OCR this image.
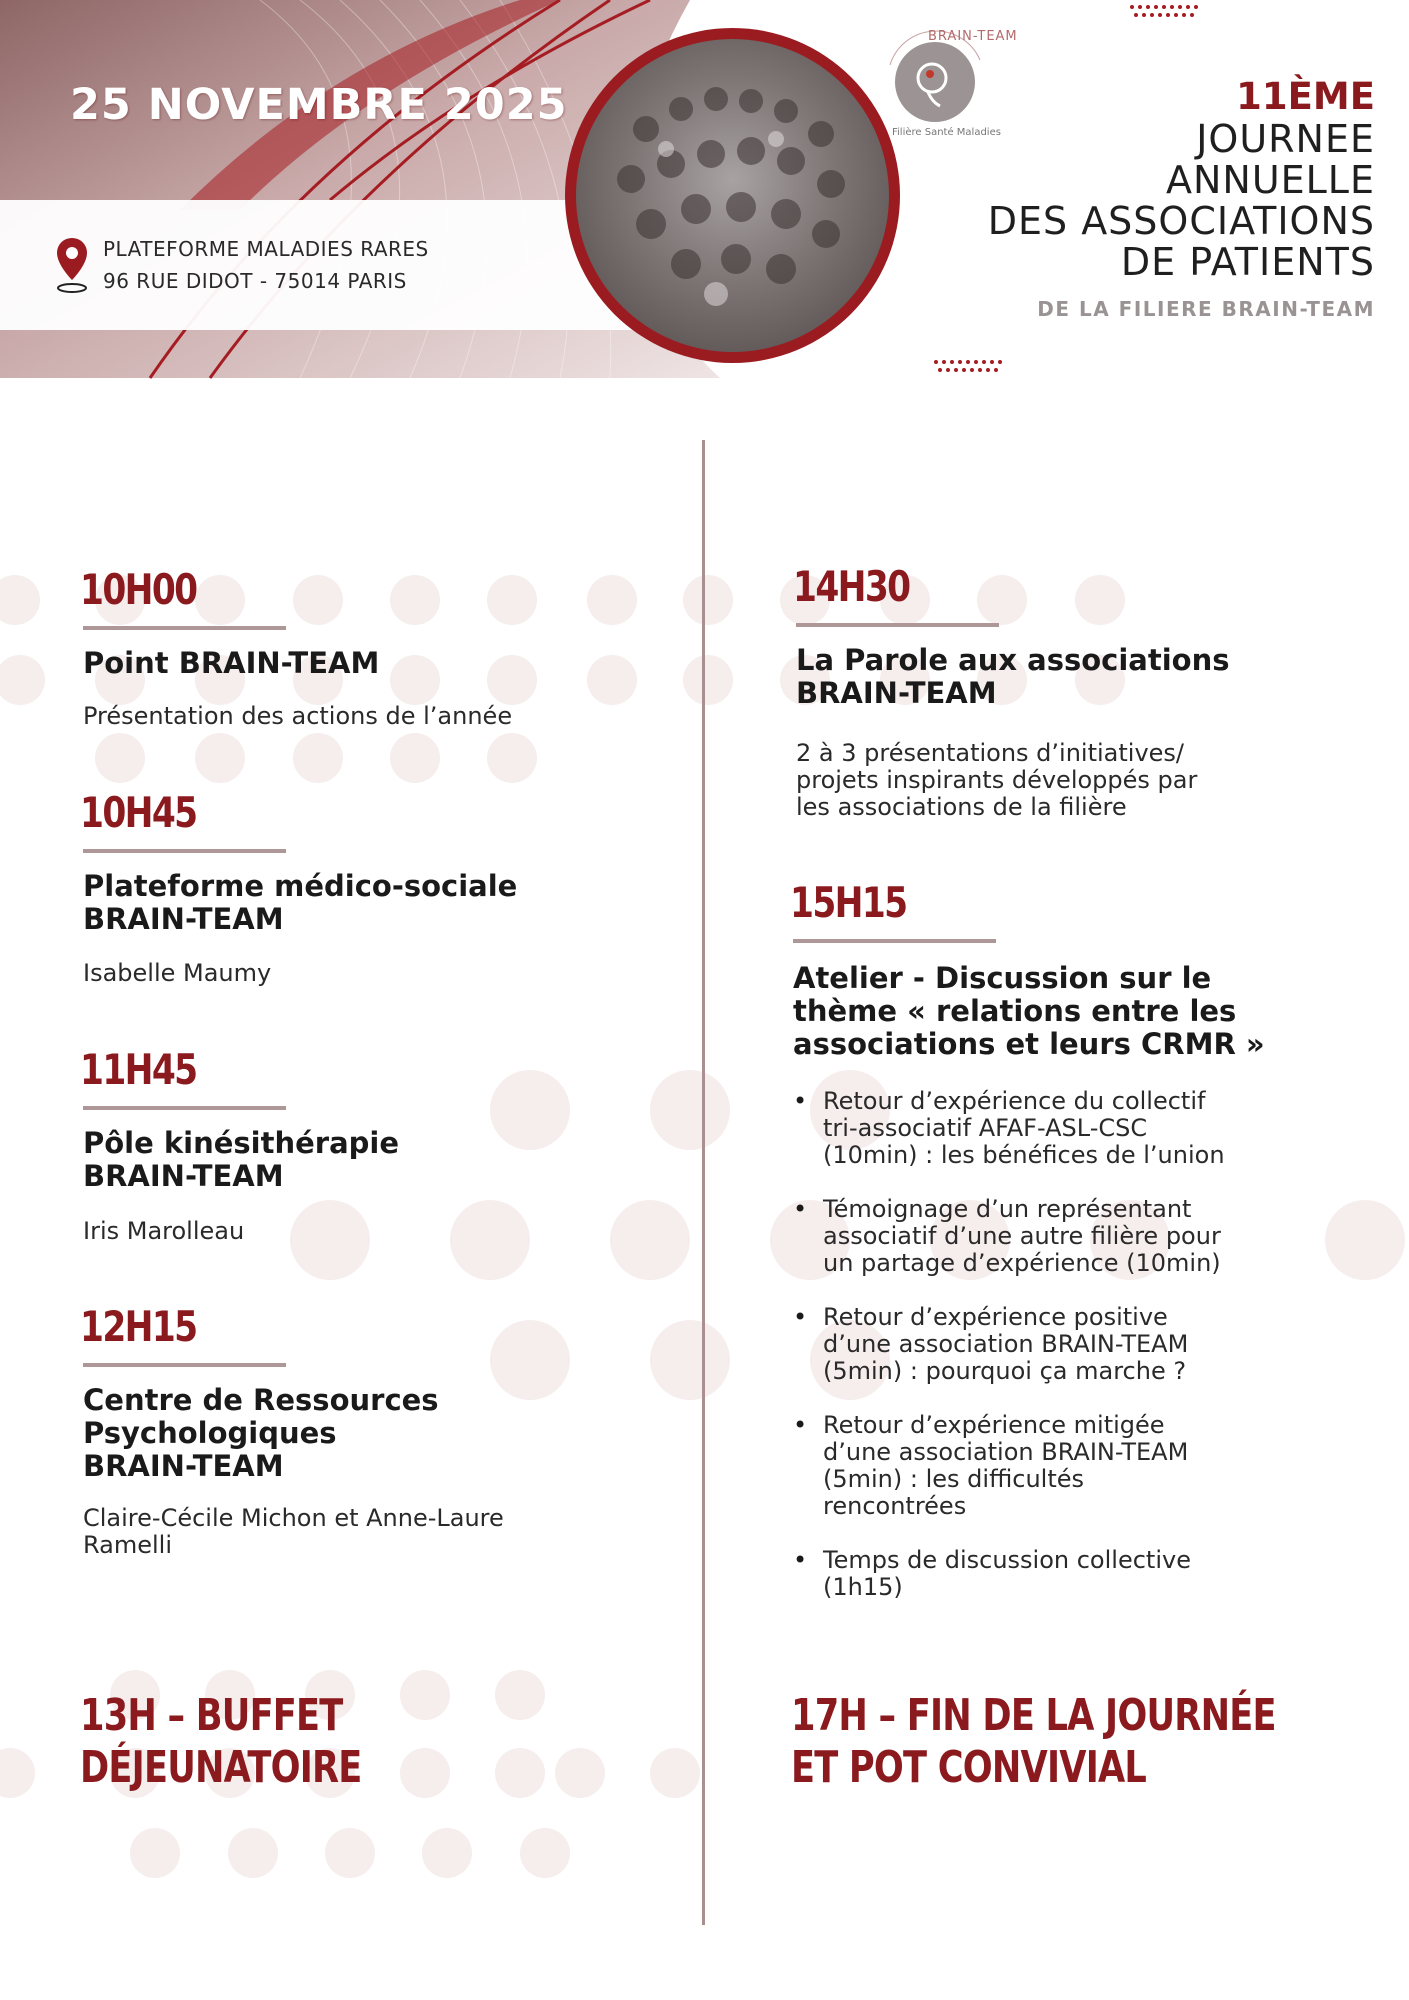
25 NOVEMBRE 2025
PLATEFORME MALADIES RARES
96 RUE DIDOT - 75014 PARIS
BRAIN-TEAM
Filière Santé Maladies
11ÈME
JOURNEE
ANNUELLE
DES ASSOCIATIONS
DE PATIENTS
DE LA FILIERE BRAIN-TEAM
10H00
Point BRAIN-TEAM
Présentation des actions de l’année
10H45
Plateforme médico-sociale
BRAIN-TEAM
Isabelle Maumy
11H45
Pôle kinésithérapie
BRAIN-TEAM
Iris Marolleau
12H15
Centre de Ressources
Psychologiques
BRAIN-TEAM
Claire-Cécile Michon et Anne-Laure
Ramelli
13H – BUFFET
DÉJEUNATOIRE
14H30
La Parole aux associations
BRAIN-TEAM
2 à 3 présentations d’initiatives/
projets inspirants développés par
les associations de la filière
15H15
Atelier - Discussion sur le
thème « relations entre les
associations et leurs CRMR »
• Retour d’expérience du collectif
tri-associatif AFAF-ASL-CSC
(10min) : les bénéfices de l’union
• Témoignage d’un représentant
associatif d’une autre filière pour
un partage d’expérience (10min)
• Retour d’expérience positive
d’une association BRAIN-TEAM
(5min) : pourquoi ça marche ?
• Retour d’expérience mitigée
d’une association BRAIN-TEAM
(5min) : les difficultés
rencontrées
• Temps de discussion collective
(1h15)
17H – FIN DE LA JOURNÉE
ET POT CONVIVIAL
